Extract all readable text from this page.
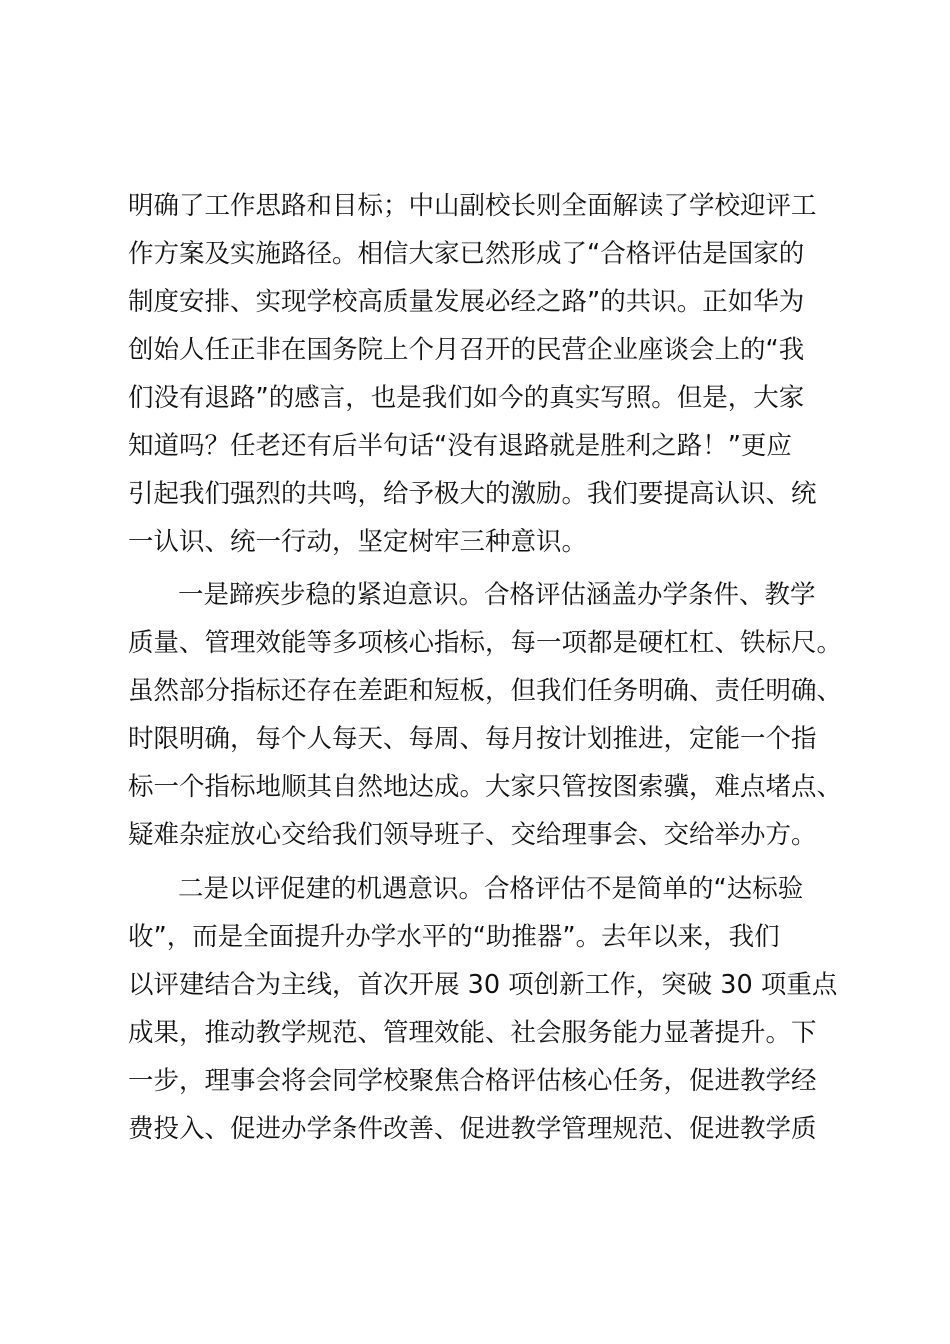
明确了工作思路和目标；中山副校长则全面解读了学校迎评工
作方案及实施路径。相信大家已然形成了“合格评估是国家的
制度安排、实现学校高质量发展必经之路”的共识。正如华为
创始人任正非在国务院上个月召开的民营企业座谈会上的“我
们没有退路”的感言，也是我们如今的真实写照。但是，大家
知道吗？任老还有后半句话“没有退路就是胜利之路！”更应
引起我们强烈的共鸣，给予极大的激励。我们要提高认识、统
一认识、统一行动，坚定树牢三种意识。
一是蹄疾步稳的紧迫意识。合格评估涵盖办学条件、教学
质量、管理效能等多项核心指标，每一项都是硬杠杠、铁标尺。
虽然部分指标还存在差距和短板，但我们任务明确、责任明确、
时限明确，每个人每天、每周、每月按计划推进，定能一个指
标一个指标地顺其自然地达成。大家只管按图索骥，难点堵点、
疑难杂症放心交给我们领导班子、交给理事会、交给举办方。
二是以评促建的机遇意识。合格评估不是简单的“达标验
收”，而是全面提升办学水平的“助推器”。去年以来，我们
以评建结合为主线，首次开展 30 项创新工作，突破 30 项重点
成果，推动教学规范、管理效能、社会服务能力显著提升。下
一步，理事会将会同学校聚焦合格评估核心任务，促进教学经
费投入、促进办学条件改善、促进教学管理规范、促进教学质
